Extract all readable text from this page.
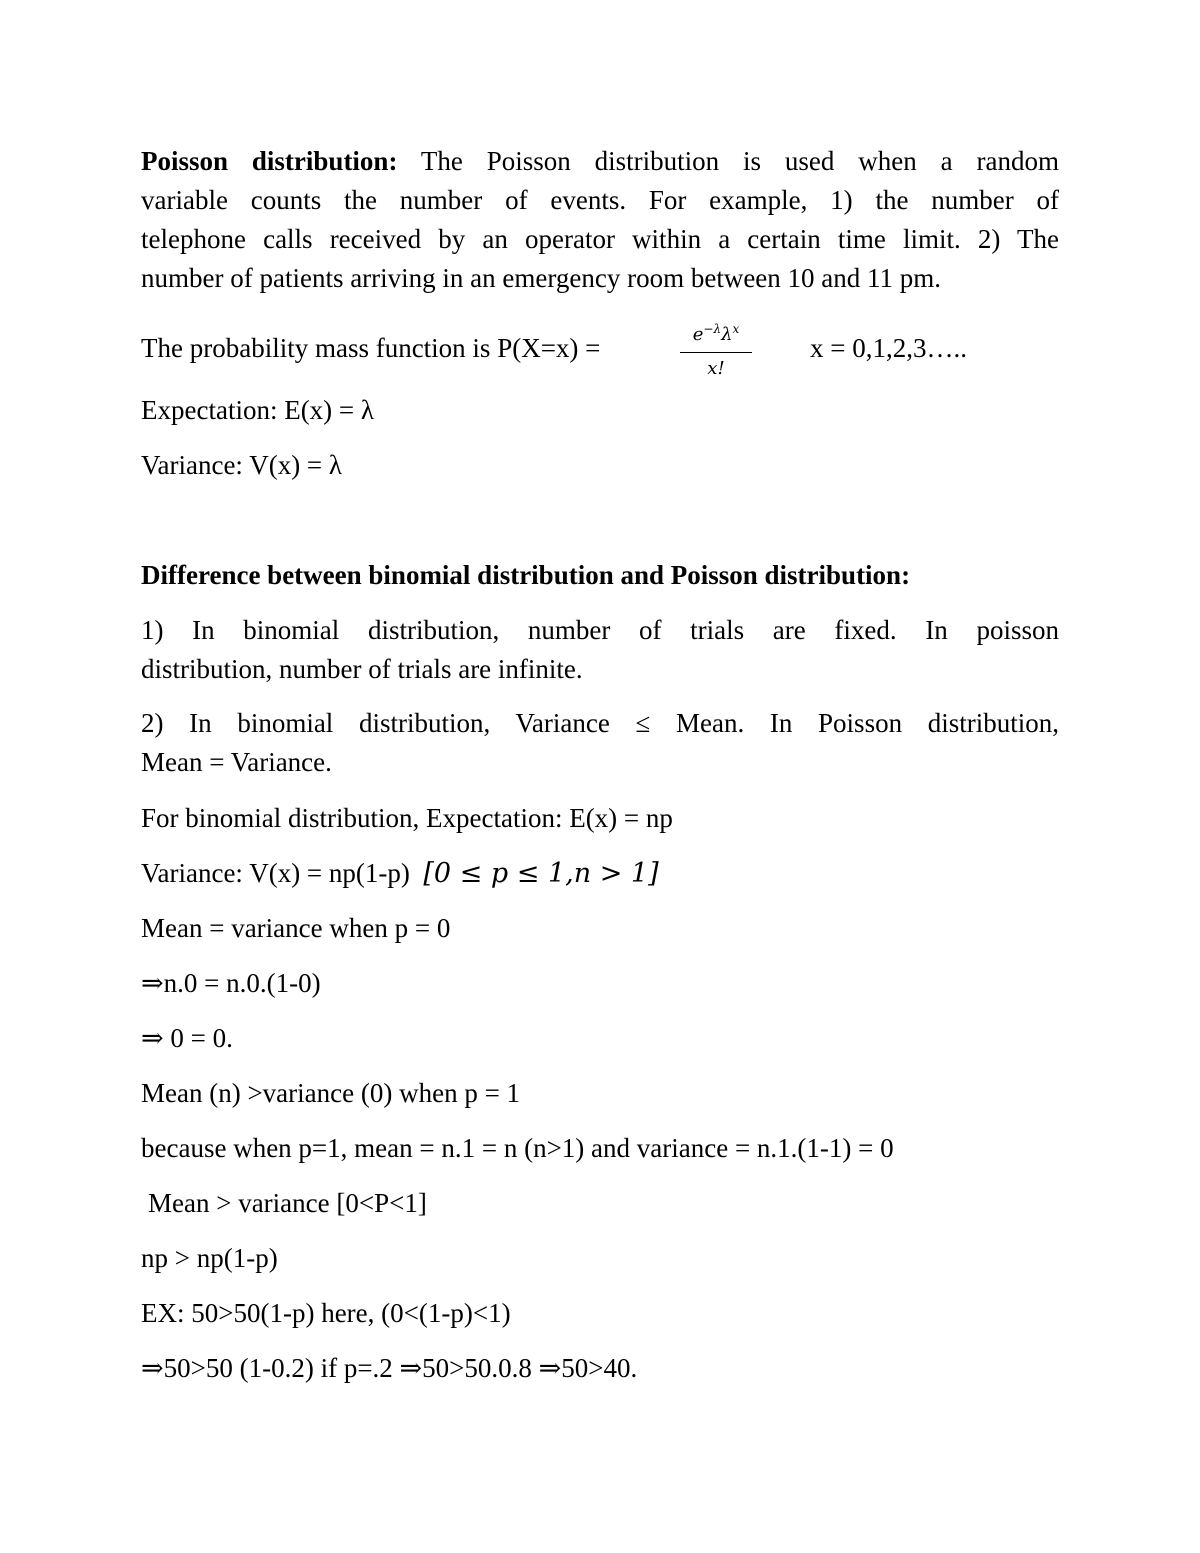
Poisson distribution: The Poisson distribution is used when a random

variable counts the number of events. For example, 1) the number of

telephone calls received by an operator within a certain time limit. 2) The

number of patients arriving in an emergency room between 10 and 11 pm.

The probability mass function is P(X=x) =	$e^{-\lambda}\lambda^x$
x!

x = 0,1,2,3…..

Expectation: E(x) = λ

Variance: V(x) = λ

Difference between binomial distribution and Poisson distribution:

1) In binomial distribution, number of trials are fixed. In poisson

distribution, number of trials are infinite.

2) In binomial distribution, Variance ≤ Mean. In Poisson distribution,

Mean = Variance.

For binomial distribution, Expectation: E(x) = np

Variance: V(x) = np(1-p) [0 ≤ p ≤ 1,n > 1]

Mean = variance when p = 0

⇒n.0 = n.0.(1-0)

⇒ 0 = 0.

Mean (n) >variance (0) when p = 1

because when p=1, mean = n.1 = n (n>1) and variance = n.1.(1-1) = 0

Mean > variance [0<P<1]

np > np(1-p)

EX: 50>50(1-p) here, (0<(1-p)<1)

⇒50>50 (1-0.2) if p=.2 ⇒50>50.0.8 ⇒50>40.
